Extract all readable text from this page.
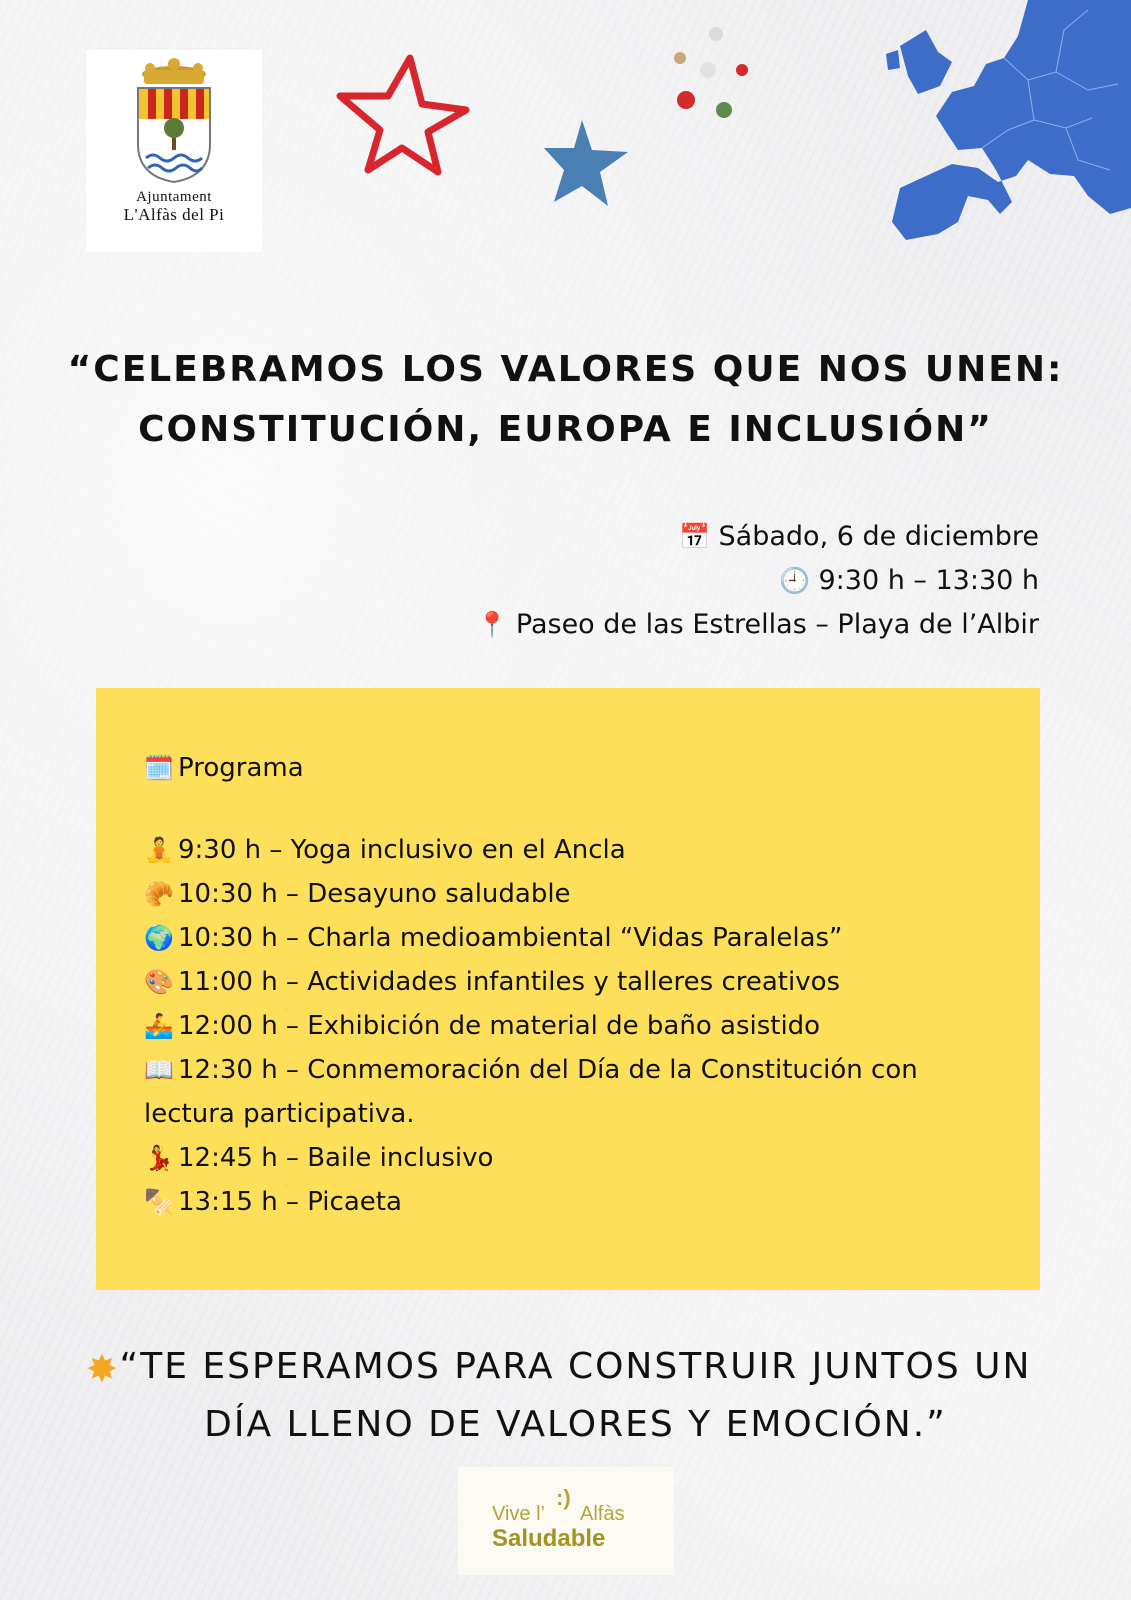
Ajuntament
L'Alfàs del Pi
“CELEBRAMOS LOS VALORES QUE NOS UNEN:
CONSTITUCIÓN, EUROPA E INCLUSIÓN”
📅 Sábado, 6 de diciembre
🕘 9:30 h – 13:30 h
📍 Paseo de las Estrellas – Playa de l’Albir
🗓️ Programa
🧘 9:30 h – Yoga inclusivo en el Ancla
🥐 10:30 h – Desayuno saludable
🌍 10:30 h – Charla medioambiental “Vidas Paralelas”
🎨 11:00 h – Actividades infantiles y talleres creativos
🚣 12:00 h – Exhibición de material de baño asistido
📖 12:30 h – Conmemoración del Día de la Constitución con lectura participativa.
💃 12:45 h – Baile inclusivo
🍢 13:15 h – Picaeta
✸ “TE ESPERAMOS PARA CONSTRUIR JUNTOS UN
DÍA LLENO DE VALORES Y EMOCIÓN.”
Vive l’
:)
Alfàs
Saludable
